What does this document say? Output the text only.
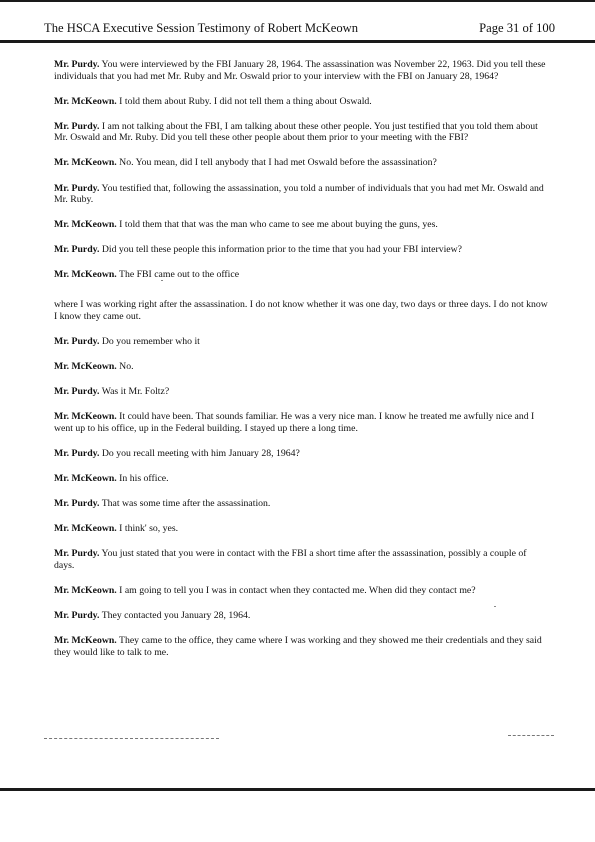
The HSCA Executive Session Testimony of Robert McKeown	Page 31 of 100

Mr. Purdy. You were interviewed by the FBI January 28, 1964. The assassination was November 22, 1963. Did you tell these individuals that you had met Mr. Ruby and Mr. Oswald prior to your interview with the FBI on January 28, 1964?

Mr. McKeown. I told them about Ruby. I did not tell them a thing about Oswald.

Mr. Purdy. I am not talking about the FBI, I am talking about these other people. You just testified that you told them about Mr. Oswald and Mr. Ruby. Did you tell these other people about them prior to your meeting with the FBI?

Mr. McKeown. No. You mean, did I tell anybody that I had met Oswald before the assassination?

Mr. Purdy. You testified that, following the assassination, you told a number of individuals that you had met Mr. Oswald and Mr. Ruby.

Mr. McKeown. I told them that that was the man who came to see me about buying the guns, yes.

Mr. Purdy. Did you tell these people this information prior to the time that you had your FBI interview?

Mr. McKeown. The FBI came out to the office

where I was working right after the assassination. I do not know whether it was one day, two days or three days. I do not know I know they came out.

Mr. Purdy. Do you remember who it

Mr. McKeown. No.

Mr. Purdy. Was it Mr. Foltz?

Mr. McKeown. It could have been. That sounds familiar. He was a very nice man. I know he treated me awfully nice and I went up to his office, up in the Federal building. I stayed up there a long time.

Mr. Purdy. Do you recall meeting with him January 28, 1964?

Mr. McKeown. In his office.

Mr. Purdy. That was some time after the assassination.

Mr. McKeown. I think' so, yes.

Mr. Purdy. You just stated that you were in contact with the FBI a short time after the assassination, possibly a couple of days.

Mr. McKeown. I am going to tell you I was in contact when they contacted me. When did they contact me?

Mr. Purdy. They contacted you January 28, 1964.

Mr. McKeown. They came to the office, they came where I was working and they showed me their credentials and they said they would like to talk to me.
